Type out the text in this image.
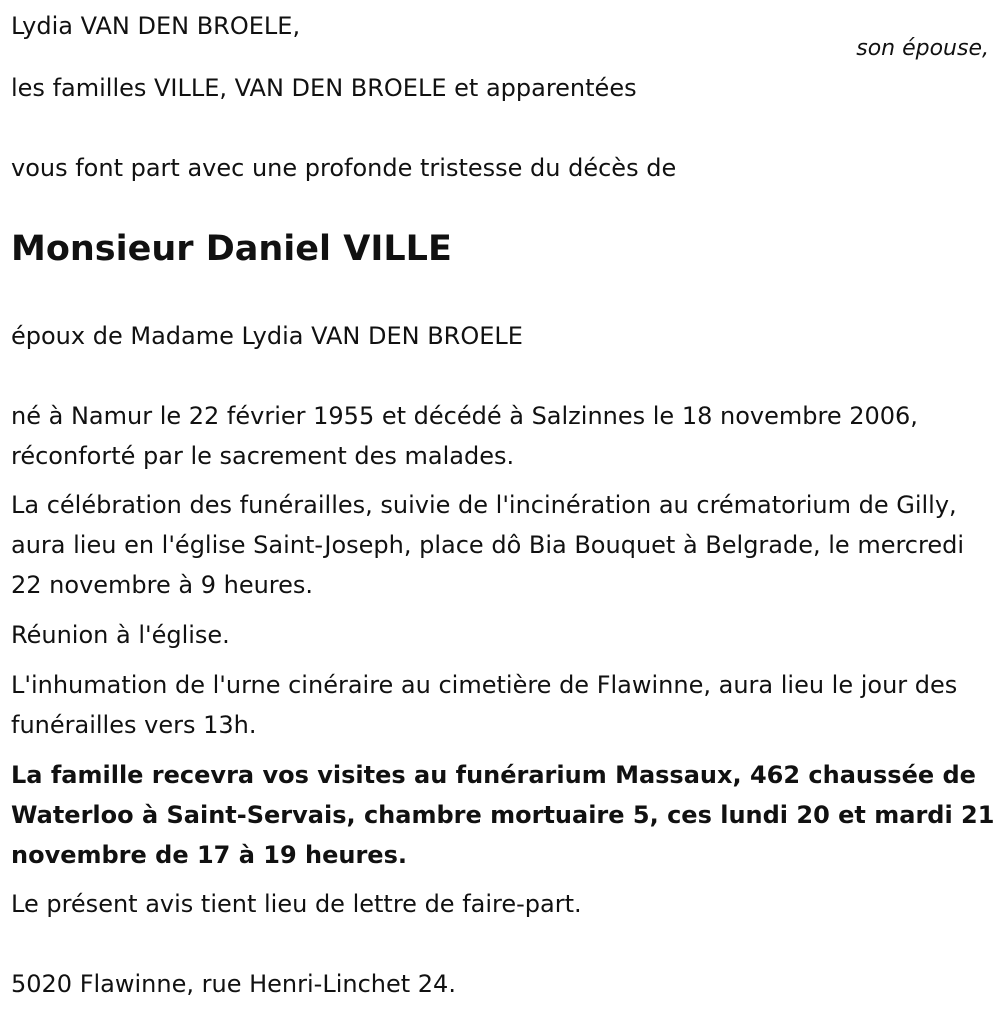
Lydia VAN DEN BROELE,

son épouse,

les familles VILLE, VAN DEN BROELE et apparentées

vous font part avec une profonde tristesse du décès de

Monsieur Daniel VILLE

époux de Madame Lydia VAN DEN BROELE

né à Namur le 22 février 1955 et décédé à Salzinnes le 18 novembre 2006, réconforté par le sacrement des malades.

La célébration des funérailles, suivie de l'incinération au crématorium de Gilly, aura lieu en l'église Saint-Joseph, place dô Bia Bouquet à Belgrade, le mercredi 22 novembre à 9 heures.

Réunion à l'église.

L'inhumation de l'urne cinéraire au cimetière de Flawinne, aura lieu le jour des funérailles vers 13h.

La famille recevra vos visites au funérarium Massaux, 462 chaussée de Waterloo à Saint-Servais, chambre mortuaire 5, ces lundi 20 et mardi 21 novembre de 17 à 19 heures.

Le présent avis tient lieu de lettre de faire-part.

5020 Flawinne, rue Henri-Linchet 24.
